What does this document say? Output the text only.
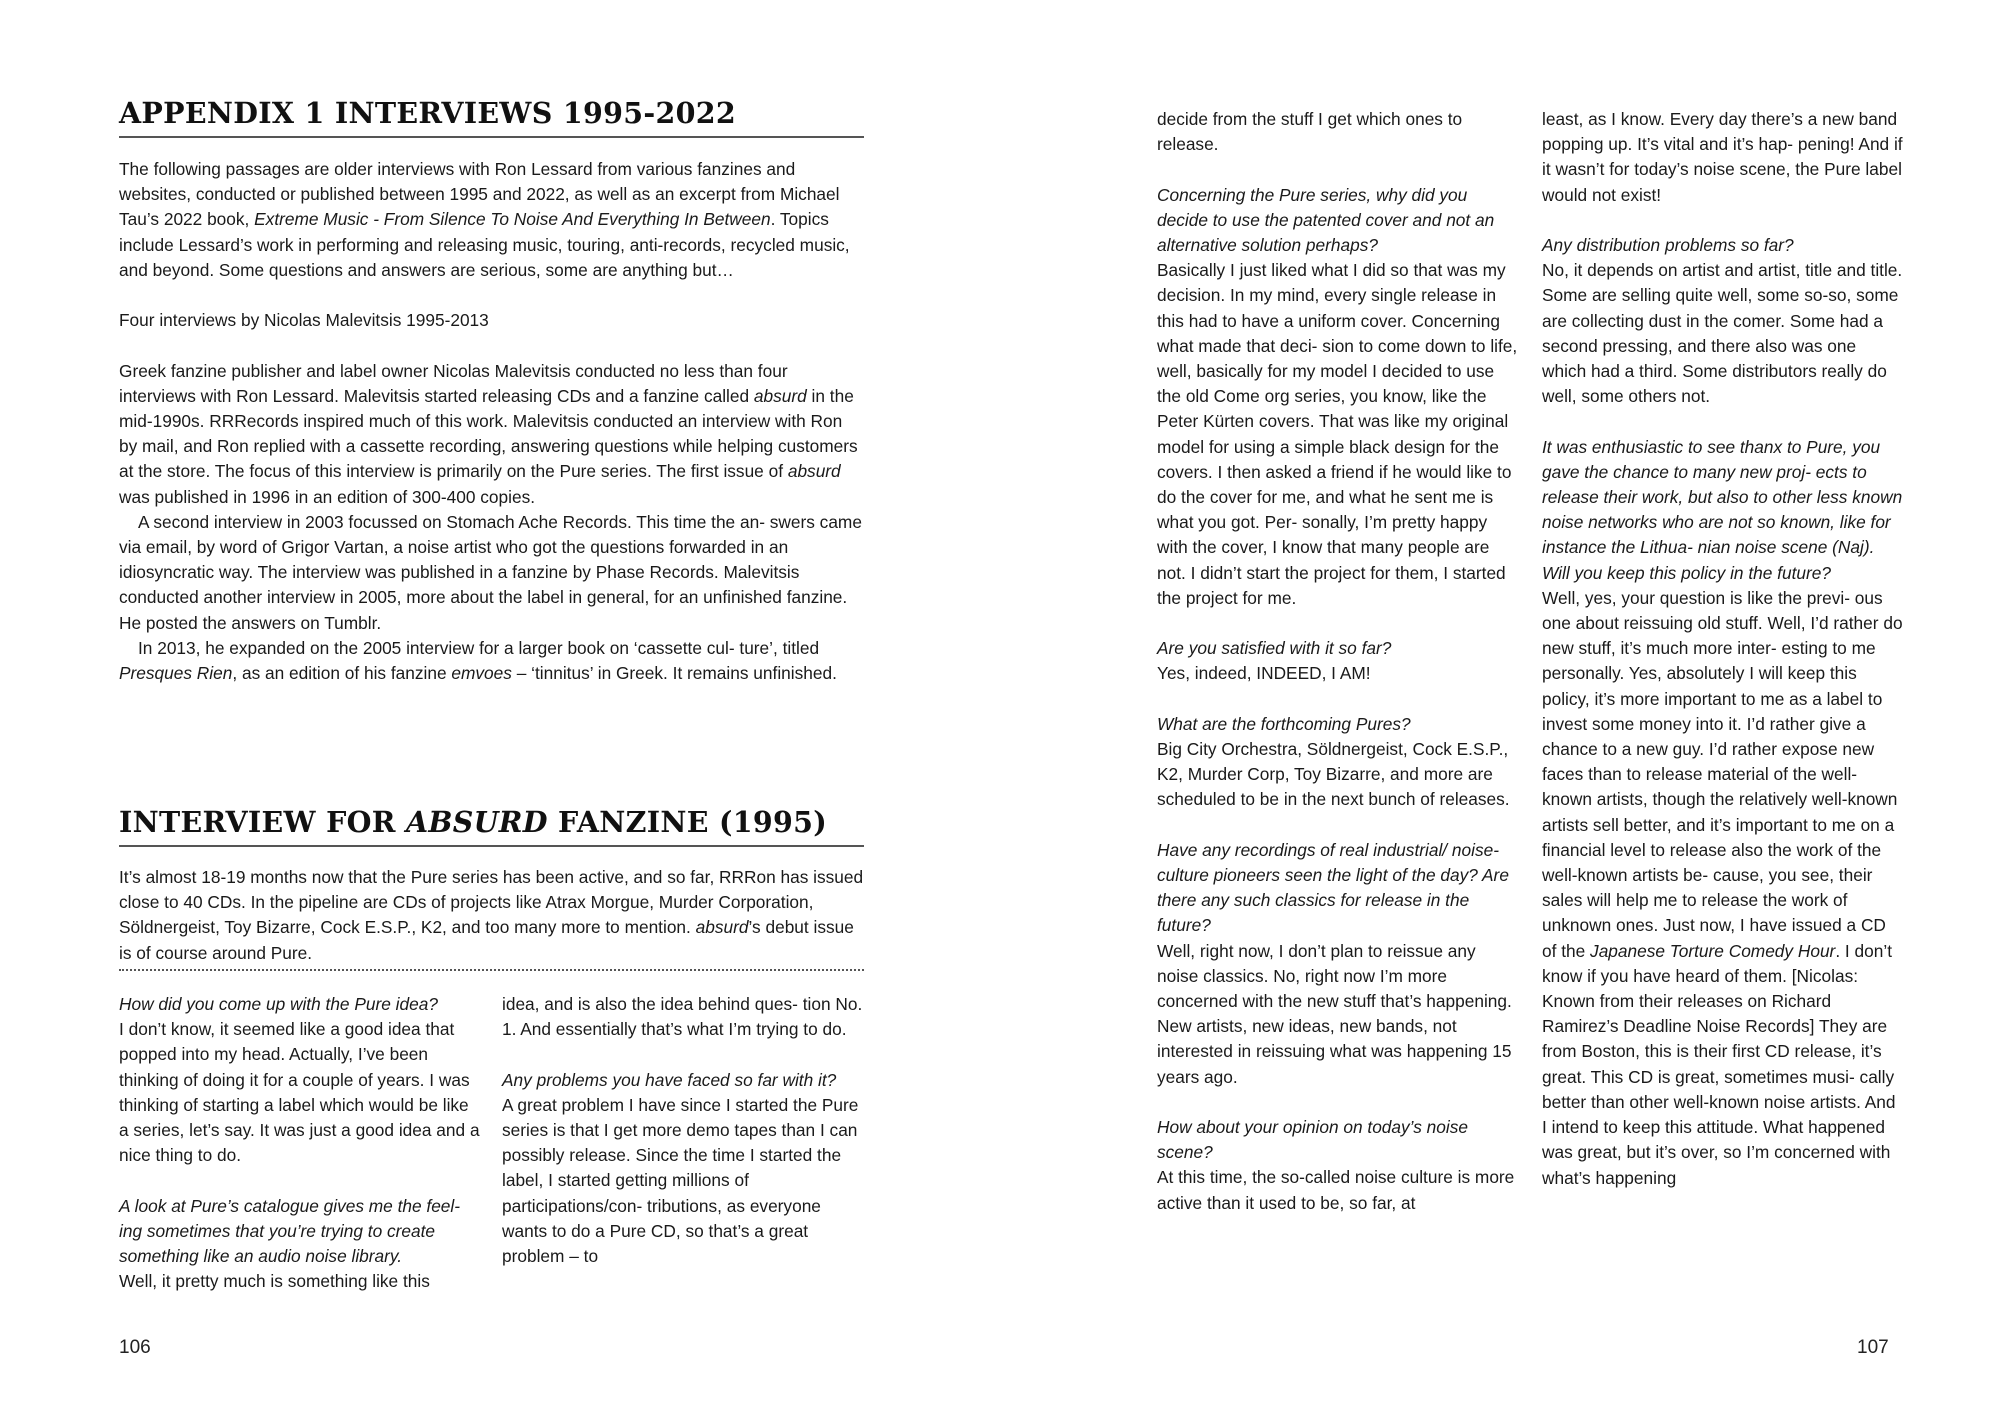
APPENDIX 1 INTERVIEWS 1995-2022

The following passages are older interviews with Ron Lessard from various fanzines and websites, conducted or published between 1995 and 2022, as well as an excerpt from Michael Tau’s 2022 book, Extreme Music - From Silence To Noise And Everything In Between. Topics include Lessard’s work in performing and releasing music, touring, anti-records, recycled music, and beyond. Some questions and answers are serious, some are anything but…

Four interviews by Nicolas Malevitsis 1995-2013

Greek fanzine publisher and label owner Nicolas Malevitsis conducted no less than four interviews with Ron Lessard. Malevitsis started releasing CDs and a fanzine called absurd in the mid-1990s. RRRecords inspired much of this work. Malevitsis conducted an interview with Ron by mail, and Ron replied with a cassette recording, answering questions while helping customers at the store. The focus of this interview is primarily on the Pure series. The first issue of absurd was published in 1996 in an edition of 300-400 copies.

A second interview in 2003 focussed on Stomach Ache Records. This time the an- swers came via email, by word of Grigor Vartan, a noise artist who got the questions forwarded in an idiosyncratic way. The interview was published in a fanzine by Phase Records. Malevitsis conducted another interview in 2005, more about the label in general, for an unfinished fanzine. He posted the answers on Tumblr.

In 2013, he expanded on the 2005 interview for a larger book on ‘cassette cul- ture’, titled Presques Rien, as an edition of his fanzine emvoes – ‘tinnitus’ in Greek. It remains unfinished.

INTERVIEW FOR ABSURD FANZINE (1995)

It’s almost 18-19 months now that the Pure series has been active, and so far, RRRon has issued close to 40 CDs. In the pipeline are CDs of projects like Atrax Morgue, Murder Corporation, Söldnergeist, Toy Bizarre, Cock E.S.P., K2, and too many more to mention. absurd’s debut issue is of course around Pure.

How did you come up with the Pure idea?

I don’t know, it seemed like a good idea that popped into my head. Actually, I’ve been thinking of doing it for a couple of years. I was thinking of starting a label which would be like a series, let’s say. It was just a good idea and a nice thing to do.

A look at Pure’s catalogue gives me the feel- ing sometimes that you’re trying to create something like an audio noise library.

Well, it pretty much is something like this

idea, and is also the idea behind ques- tion No. 1. And essentially that’s what I’m trying to do.

Any problems you have faced so far with it?

A great problem I have since I started the Pure series is that I get more demo tapes than I can possibly release. Since the time I started the label, I started getting millions of participations/con- tributions, as everyone wants to do a Pure CD, so that’s a great problem – to

106

decide from the stuff I get which ones to release.

Concerning the Pure series, why did you decide to use the patented cover and not an alternative solution perhaps?

Basically I just liked what I did so that was my decision. In my mind, every single release in this had to have a uniform cover. Concerning what made that deci- sion to come down to life, well, basically for my model I decided to use the old Come org series, you know, like the Peter Kürten covers. That was like my original model for using a simple black design for the covers. I then asked a friend if he would like to do the cover for me, and what he sent me is what you got. Per- sonally, I’m pretty happy with the cover, I know that many people are not. I didn’t start the project for them, I started the project for me.

Are you satisfied with it so far?

Yes, indeed, INDEED, I AM!

What are the forthcoming Pures?

Big City Orchestra, Söldnergeist, Cock E.S.P., K2, Murder Corp, Toy Bizarre, and more are scheduled to be in the next bunch of releases.

Have any recordings of real industrial/ noise-culture pioneers seen the light of the day? Are there any such classics for release in the future?

Well, right now, I don’t plan to reissue any noise classics. No, right now I’m more concerned with the new stuff that’s happening. New artists, new ideas, new bands, not interested in reissuing what was happening 15 years ago.

How about your opinion on today’s noise scene?

At this time, the so-called noise culture is more active than it used to be, so far, at

least, as I know. Every day there’s a new band popping up. It’s vital and it’s hap- pening! And if it wasn’t for today’s noise scene, the Pure label would not exist!

Any distribution problems so far?

No, it depends on artist and artist, title and title. Some are selling quite well, some so-so, some are collecting dust in the comer. Some had a second pressing, and there also was one which had a third. Some distributors really do well, some others not.

It was enthusiastic to see thanx to Pure, you gave the chance to many new proj- ects to release their work, but also to other less known noise networks who are not so known, like for instance the Lithua- nian noise scene (Naj). Will you keep this policy in the future?

Well, yes, your question is like the previ- ous one about reissuing old stuff. Well, I’d rather do new stuff, it’s much more inter- esting to me personally. Yes, absolutely I will keep this policy, it’s more important to me as a label to invest some money into it. I’d rather give a chance to a new guy. I’d rather expose new faces than to release material of the well-known artists, though the relatively well-known artists sell better, and it’s important to me on a financial level to release also the work of the well-known artists be- cause, you see, their sales will help me to release the work of unknown ones. Just now, I have issued a CD of the Japanese Torture Comedy Hour. I don’t know if you have heard of them. [Nicolas: Known from their releases on Richard Ramirez’s Deadline Noise Records] They are from Boston, this is their first CD release, it’s great. This CD is great, sometimes musi- cally better than other well-known noise artists. And I intend to keep this attitude. What happened was great, but it’s over, so I’m concerned with what’s happening

107
